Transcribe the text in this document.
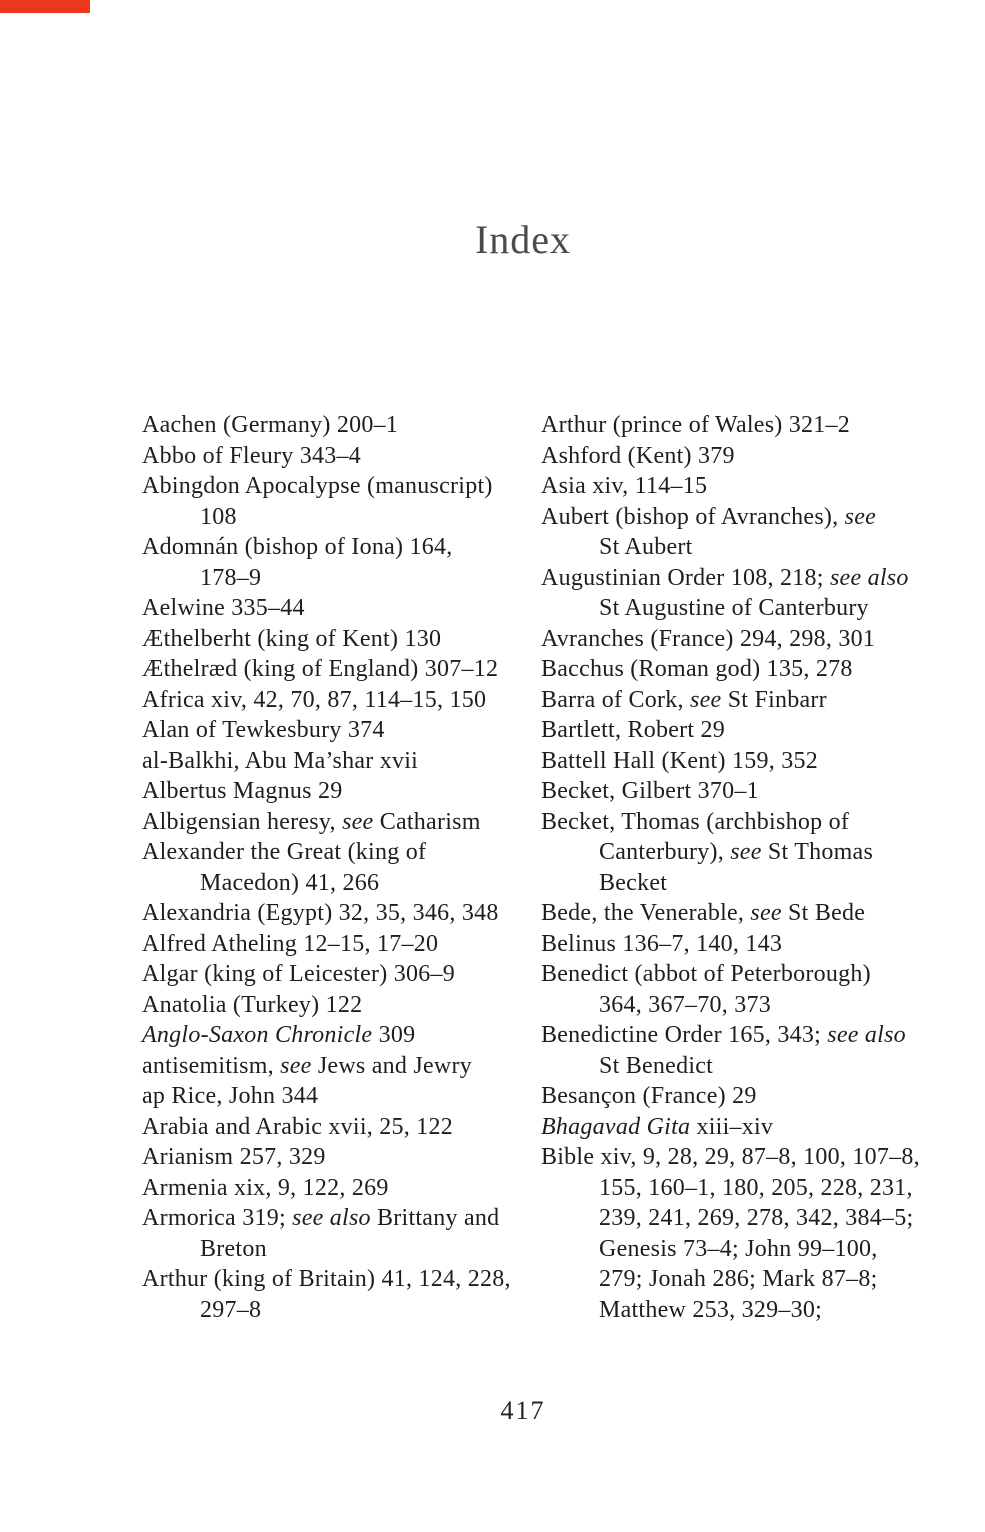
Index
Aachen (Germany) 200–1
Abbo of Fleury 343–4
Abingdon Apocalypse (manuscript)
108
Adomnán (bishop of Iona) 164,
178–9
Aelwine 335–44
Æthelberht (king of Kent) 130
Æthelræd (king of England) 307–12
Africa xiv, 42, 70, 87, 114–15, 150
Alan of Tewkesbury 374
al-Balkhi, Abu Ma’shar xvii
Albertus Magnus 29
Albigensian heresy, see Catharism
Alexander the Great (king of
Macedon) 41, 266
Alexandria (Egypt) 32, 35, 346, 348
Alfred Atheling 12–15, 17–20
Algar (king of Leicester) 306–9
Anatolia (Turkey) 122
Anglo-Saxon Chronicle 309
antisemitism, see Jews and Jewry
ap Rice, John 344
Arabia and Arabic xvii, 25, 122
Arianism 257, 329
Armenia xix, 9, 122, 269
Armorica 319; see also Brittany and
Breton
Arthur (king of Britain) 41, 124, 228,
297–8
Arthur (prince of Wales) 321–2
Ashford (Kent) 379
Asia xiv, 114–15
Aubert (bishop of Avranches), see
St Aubert
Augustinian Order 108, 218; see also
St Augustine of Canterbury
Avranches (France) 294, 298, 301
Bacchus (Roman god) 135, 278
Barra of Cork, see St Finbarr
Bartlett, Robert 29
Battell Hall (Kent) 159, 352
Becket, Gilbert 370–1
Becket, Thomas (archbishop of
Canterbury), see St Thomas
Becket
Bede, the Venerable, see St Bede
Belinus 136–7, 140, 143
Benedict (abbot of Peterborough)
364, 367–70, 373
Benedictine Order 165, 343; see also
St Benedict
Besançon (France) 29
Bhagavad Gita xiii–xiv
Bible xiv, 9, 28, 29, 87–8, 100, 107–8,
155, 160–1, 180, 205, 228, 231,
239, 241, 269, 278, 342, 384–5;
Genesis 73–4; John 99–100,
279; Jonah 286; Mark 87–8;
Matthew 253, 329–30;
417
